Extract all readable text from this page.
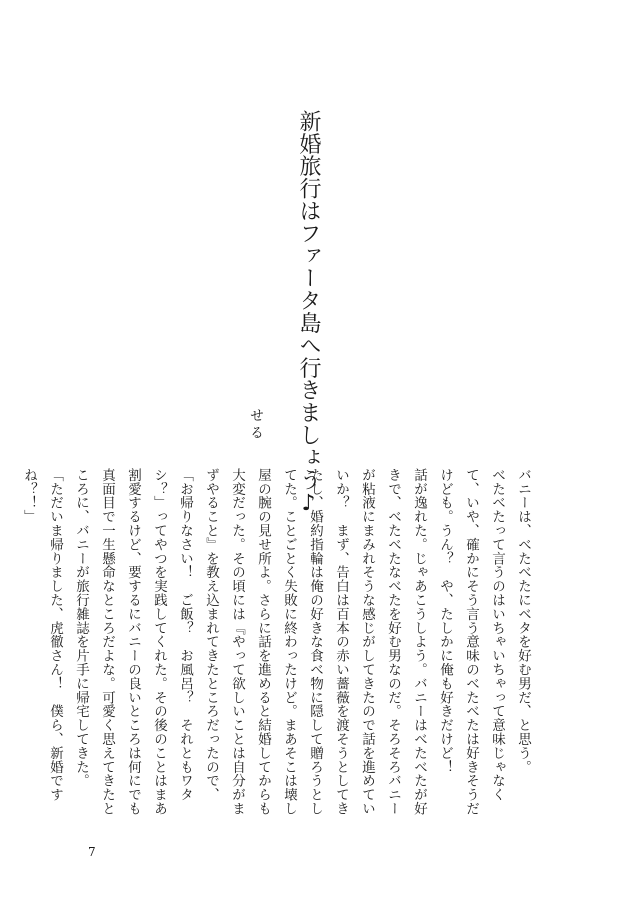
新婚旅行はファータ島へ行きましょう♪
せる

バニーは、べたべたにベタを好む男だ、と思う。

べたべたって言うのはいちゃいちゃって意味じゃなくて、いや、確かにそう言う意味のべたべたは好きそうだけども。うん？　や、たしかに俺も好きだけど！

話が逸れた。じゃあこうしよう。バニーはべたべたが好きで、べたべたなべたを好む男なのだ。そろそろバニーが粘液にまみれそうな感じがしてきたので話を進めていいか？　まず、告白は百本の赤い薔薇を渡そうとしてきたし、婚約指輪は俺の好きな食べ物に隠して贈ろうとしてた。ことごとく失敗に終わったけど。まあそこは壊し屋の腕の見せ所よ。さらに話を進めると結婚してからも大変だった。その頃には『やって欲しいことは自分がまずやること』を教え込まれてきたところだったので、「お帰りなさい！　ご飯？　お風呂？　それともワタシ？」ってやつを実践してくれた。その後のことはまあ割愛するけど、要するにバニーの良いところは何にでも真面目で一生懸命なところだよな。可愛く思えてきたところに、バニーが旅行雑誌を片手に帰宅してきた。

「ただいま帰りました、虎徹さん！　僕ら、新婚ですね？！」

7
